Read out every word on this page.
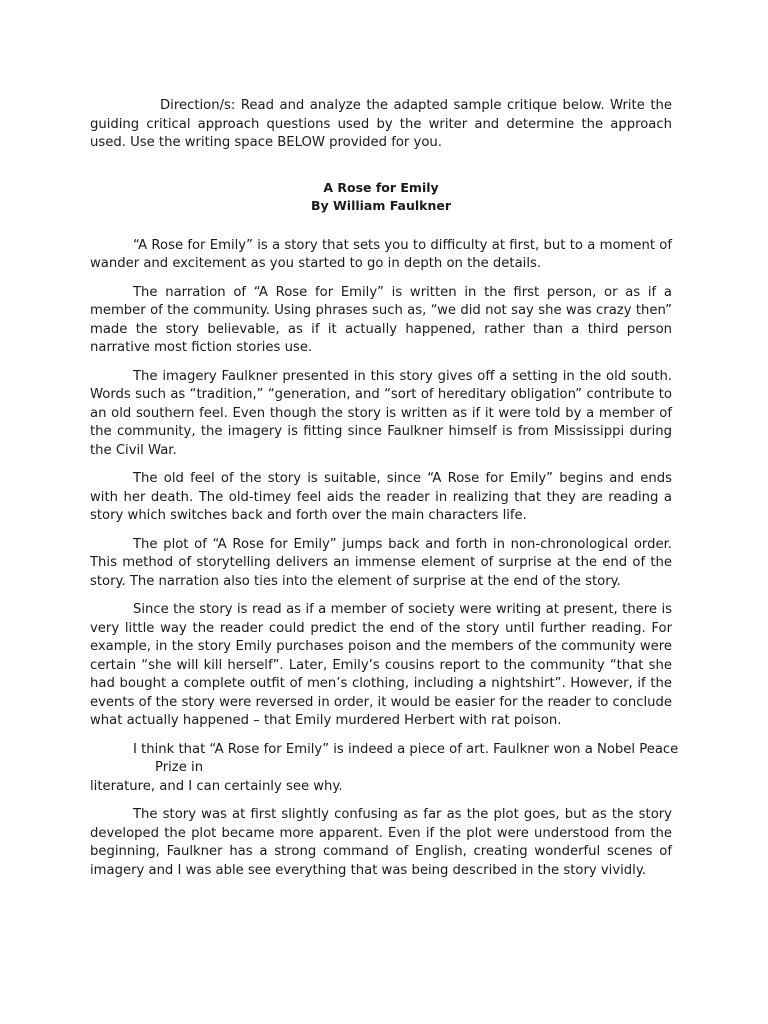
Direction/s: Read and analyze the adapted sample critique below. Write the guiding critical approach questions used by the writer and determine the approach used. Use the writing space BELOW provided for you.

A Rose for Emily
By William Faulkner

“A Rose for Emily” is a story that sets you to difficulty at first, but to a moment of wander and excitement as you started to go in depth on the details.

The narration of “A Rose for Emily” is written in the first person, or as if a member of the community. Using phrases such as, “we did not say she was crazy then” made the story believable, as if it actually happened, rather than a third person narrative most fiction stories use.

The imagery Faulkner presented in this story gives off a setting in the old south. Words such as “tradition,” “generation, and “sort of hereditary obligation” contribute to an old southern feel. Even though the story is written as if it were told by a member of the community, the imagery is fitting since Faulkner himself is from Mississippi during the Civil War.

The old feel of the story is suitable, since “A Rose for Emily” begins and ends with her death. The old-timey feel aids the reader in realizing that they are reading a story which switches back and forth over the main characters life.

The plot of “A Rose for Emily” jumps back and forth in non-chronological order. This method of storytelling delivers an immense element of surprise at the end of the story. The narration also ties into the element of surprise at the end of the story.

Since the story is read as if a member of society were writing at present, there is very little way the reader could predict the end of the story until further reading. For example, in the story Emily purchases poison and the members of the community were certain “she will kill herself”. Later, Emily’s cousins report to the community “that she had bought a complete outfit of men’s clothing, including a nightshirt”. However, if the events of the story were reversed in order, it would be easier for the reader to conclude what actually happened – that Emily murdered Herbert with rat poison.

I think that “A Rose for Emily” is indeed a piece of art. Faulkner won a Nobel Peace
Prize in
literature, and I can certainly see why.

The story was at first slightly confusing as far as the plot goes, but as the story developed the plot became more apparent. Even if the plot were understood from the beginning, Faulkner has a strong command of English, creating wonderful scenes of imagery and I was able see everything that was being described in the story vividly.
